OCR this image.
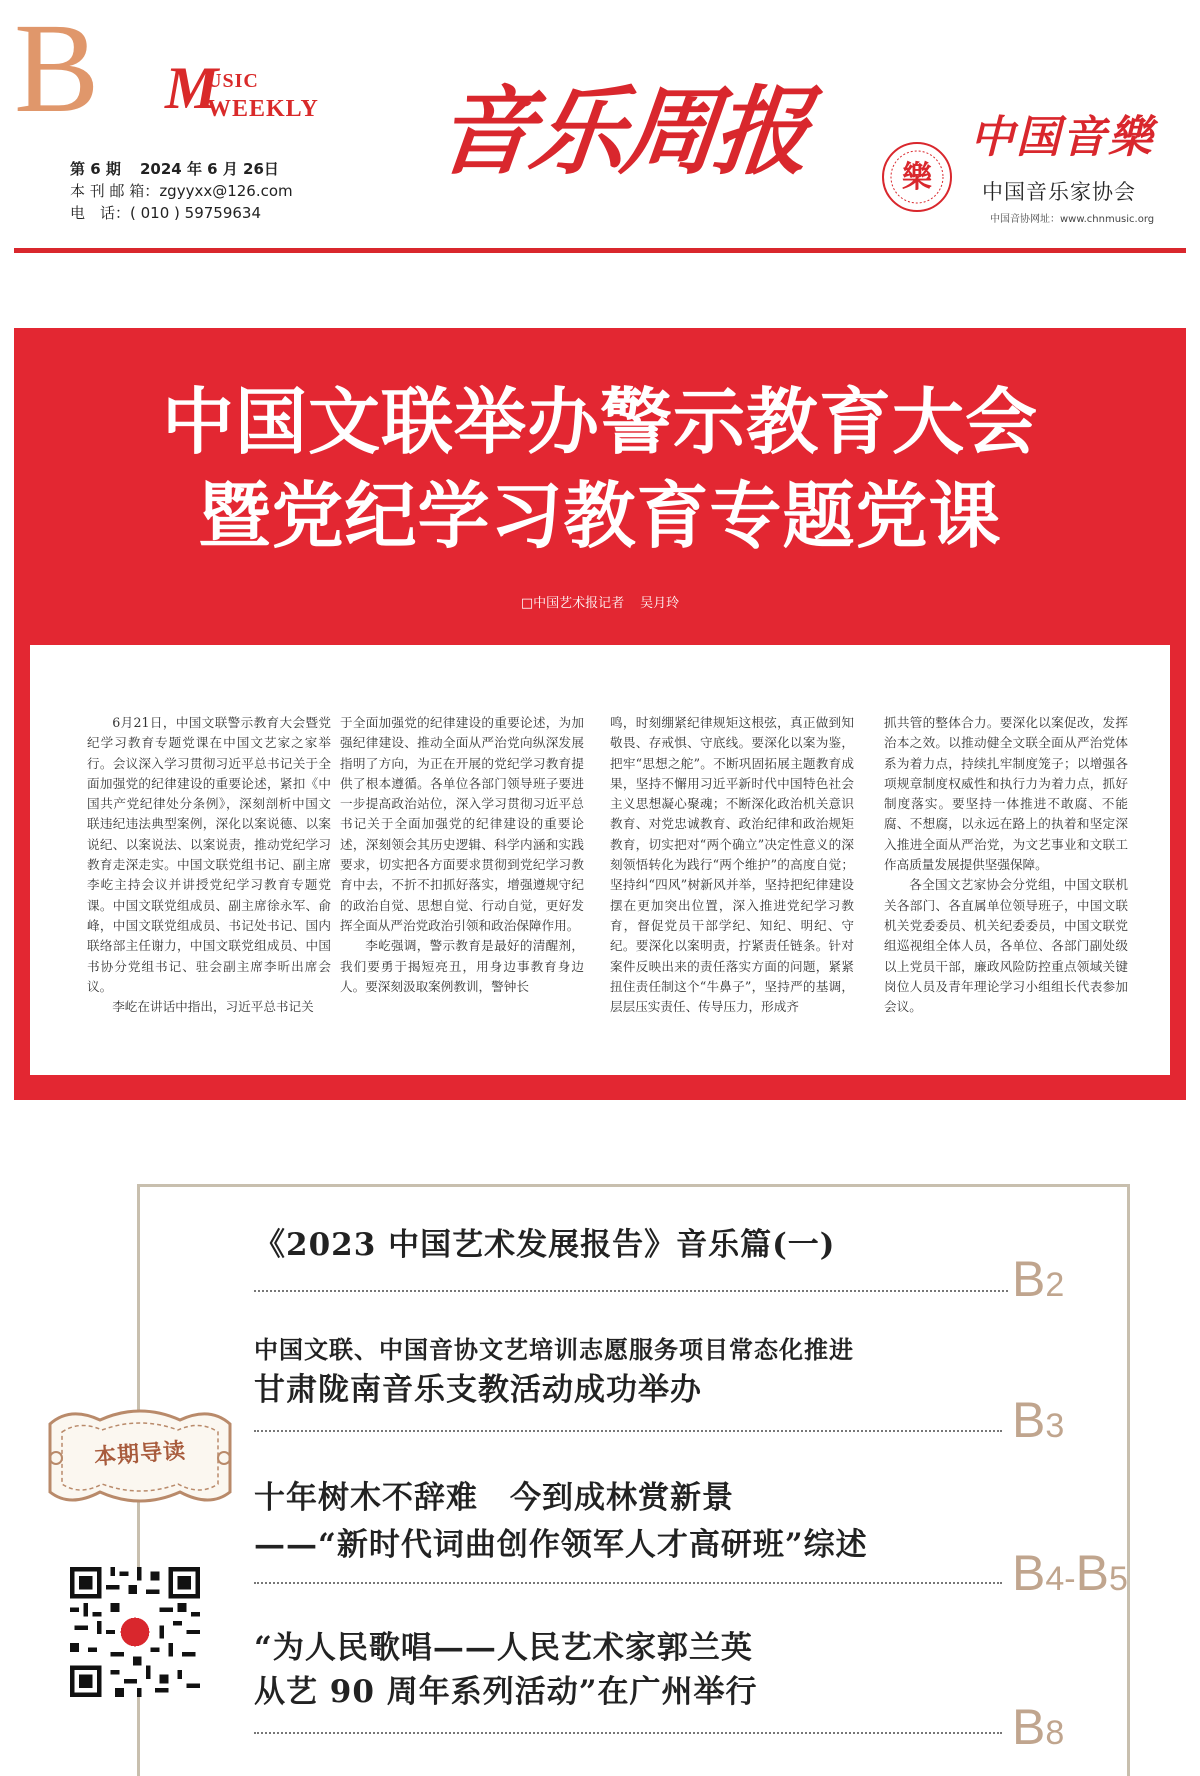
B M
USIC
WEEKLY
第 6 期 2024 年 6 月 26日
本 刊 邮 箱：zgyyxx@126.com
电　话：( 010 ) 59759634
音乐周报	樂
中国音樂
中国音乐家协会
中国音协网址：www.chnmusic.org
中国文联举办警示教育大会
暨党纪学习教育专题党课
□中国艺术报记者 吴月玲

6月21日，中国文联警示教育大会暨党纪学习教育专题党课在中国文艺家之家举行。会议深入学习贯彻习近平总书记关于全面加强党的纪律建设的重要论述，紧扣《中国共产党纪律处分条例》，深刻剖析中国文联违纪违法典型案例，深化以案说德、以案说纪、以案说法、以案说责，推动党纪学习教育走深走实。中国文联党组书记、副主席李屹主持会议并讲授党纪学习教育专题党课。中国文联党组成员、副主席徐永军、俞峰，中国文联党组成员、书记处书记、国内联络部主任谢力，中国文联党组成员、中国书协分党组书记、驻会副主席李昕出席会议。

李屹在讲话中指出，习近平总书记关

于全面加强党的纪律建设的重要论述，为加强纪律建设、推动全面从严治党向纵深发展指明了方向，为正在开展的党纪学习教育提供了根本遵循。各单位各部门领导班子要进一步提高政治站位，深入学习贯彻习近平总书记关于全面加强党的纪律建设的重要论述，深刻领会其历史逻辑、科学内涵和实践要求，切实把各方面要求贯彻到党纪学习教育中去，不折不扣抓好落实，增强遵规守纪的政治自觉、思想自觉、行动自觉，更好发挥全面从严治党政治引领和政治保障作用。

李屹强调，警示教育是最好的清醒剂，我们要勇于揭短亮丑，用身边事教育身边人。要深刻汲取案例教训，警钟长

鸣，时刻绷紧纪律规矩这根弦，真正做到知敬畏、存戒惧、守底线。要深化以案为鉴，把牢“思想之舵”。不断巩固拓展主题教育成果，坚持不懈用习近平新时代中国特色社会主义思想凝心聚魂；不断深化政治机关意识教育、对党忠诚教育、政治纪律和政治规矩教育，切实把对“两个确立”决定性意义的深刻领悟转化为践行“两个维护”的高度自觉；坚持纠“四风”树新风并举，坚持把纪律建设摆在更加突出位置，深入推进党纪学习教育，督促党员干部学纪、知纪、明纪、守纪。要深化以案明责，拧紧责任链条。针对案件反映出来的责任落实方面的问题，紧紧扭住责任制这个“牛鼻子”，坚持严的基调，层层压实责任、传导压力，形成齐

抓共管的整体合力。要深化以案促改，发挥治本之效。以推动健全文联全面从严治党体系为着力点，持续扎牢制度笼子；以增强各项规章制度权威性和执行力为着力点，抓好制度落实。要坚持一体推进不敢腐、不能腐、不想腐，以永远在路上的执着和坚定深入推进全面从严治党，为文艺事业和文联工作高质量发展提供坚强保障。

各全国文艺家协会分党组，中国文联机关各部门、各直属单位领导班子，中国文联机关党委委员、机关纪委委员，中国文联党组巡视组全体人员，各单位、各部门副处级以上党员干部，廉政风险防控重点领域关键岗位人员及青年理论学习小组组长代表参加会议。

《2023 中国艺术发展报告》音乐篇(一)
B2
中国文联、中国音协文艺培训志愿服务项目常态化推进
甘肃陇南音乐支教活动成功举办
B3
十年树木不辞难　今到成林赏新景
——“新时代词曲创作领军人才高研班”综述	B4-B5
“为人民歌唱——人民艺术家郭兰英
从艺 90 周年系列活动”在广州举行
B8
本期导读
